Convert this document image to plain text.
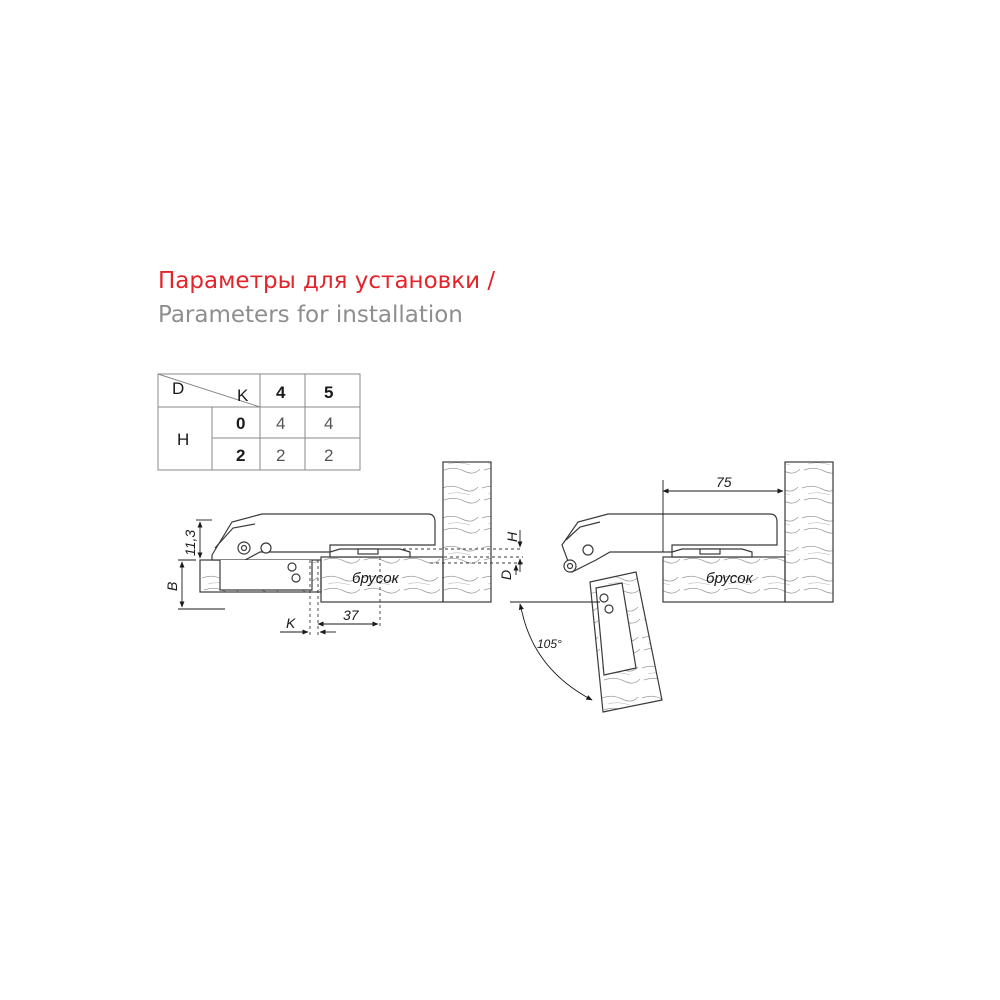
Параметры для установки /
Parameters for installation
D	K 4 5
H
0 4 4
2 2 2
11,3
B
K	37
H
D
брусок
75
брусок
105°
